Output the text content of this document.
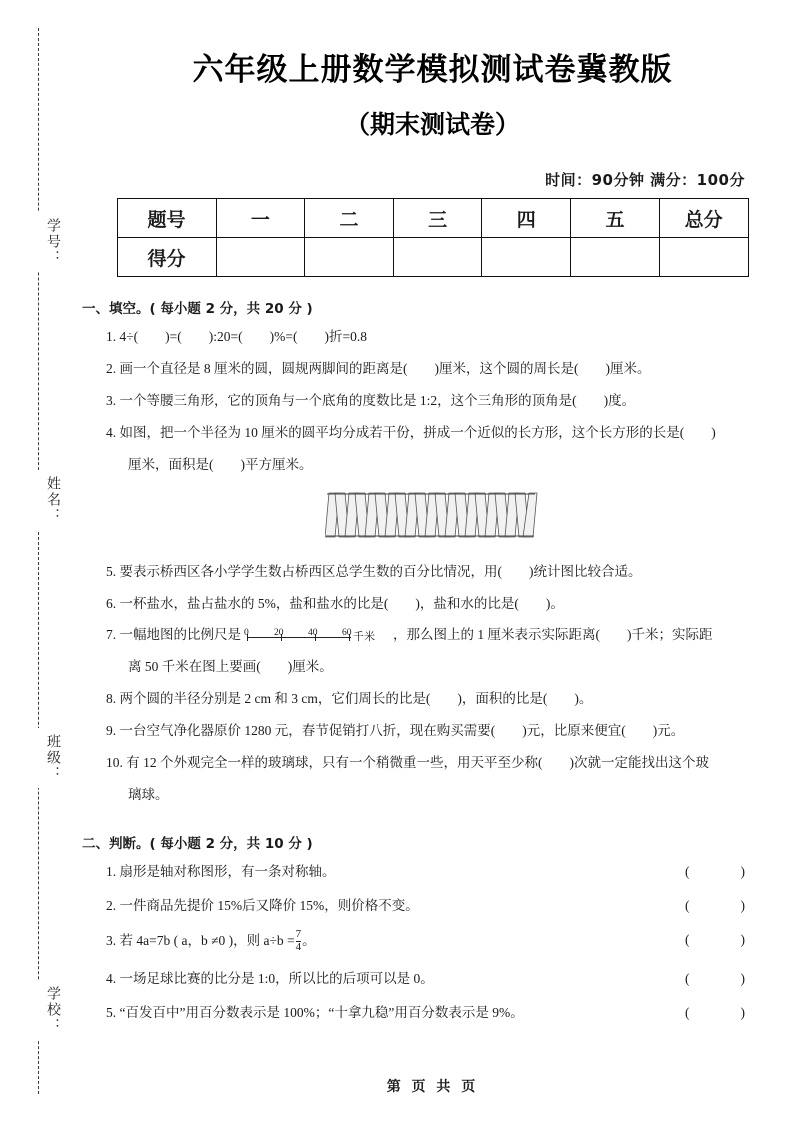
学号：
姓名：
班级：
学校：
六年级上册数学模拟测试卷冀教版
（期末测试卷）
时间：90分钟 满分：100分
题号	一	二	三	四	五	总分
得分						
一、填空。( 每小题 2 分，共 20 分 )
1. 4÷(　　)=(　　):20=(　　)%=(　　)折=0.8
2. 画一个直径是 8 厘米的圆，圆规两脚间的距离是(　　)厘米，这个圆的周长是(　　)厘米。
3. 一个等腰三角形，它的顶角与一个底角的度数比是 1:2，这个三角形的顶角是(　　)度。
4. 如图，把一个半径为 10 厘米的圆平均分成若干份，拼成一个近似的长方形，这个长方形的长是(　　)
厘米，面积是(　　)平方厘米。
5. 要表示桥西区各小学学生数占桥西区总学生数的百分比情况，用(　　)统计图比较合适。
6. 一杯盐水，盐占盐水的 5%，盐和盐水的比是(　　)，盐和水的比是(　　)。
7. 一幅地图的比例尺是 0	20	40	60 千米 ，那么图上的 1 厘米表示实际距离(　　)千米；实际距
离 50 千米在图上要画(　　)厘米。
8. 两个圆的半径分别是 2 cm 和 3 cm，它们周长的比是(　　)，面积的比是(　　)。
9. 一台空气净化器原价 1280 元，春节促销打八折，现在购买需要(　　)元，比原来便宜(　　)元。
10. 有 12 个外观完全一样的玻璃球，只有一个稍微重一些，用天平至少称(　　)次就一定能找出这个玻
璃球。
二、判断。( 每小题 2 分，共 10 分 )
1. 扇形是轴对称图形，有一条对称轴。	(　　)
2. 一件商品先提价 15%后又降价 15%，则价格不变。	(　　)
3. 若 4a=7b ( a，b ≠0 )，则 $a\div b =\frac{7}{4}$ 。	(　　)
4. 一场足球比赛的比分是 1:0，所以比的后项可以是 0。	(　　)
5. “百发百中”用百分数表示是 100%；“十拿九稳”用百分数表示是 9%。	(　　)
第 页 共 页
